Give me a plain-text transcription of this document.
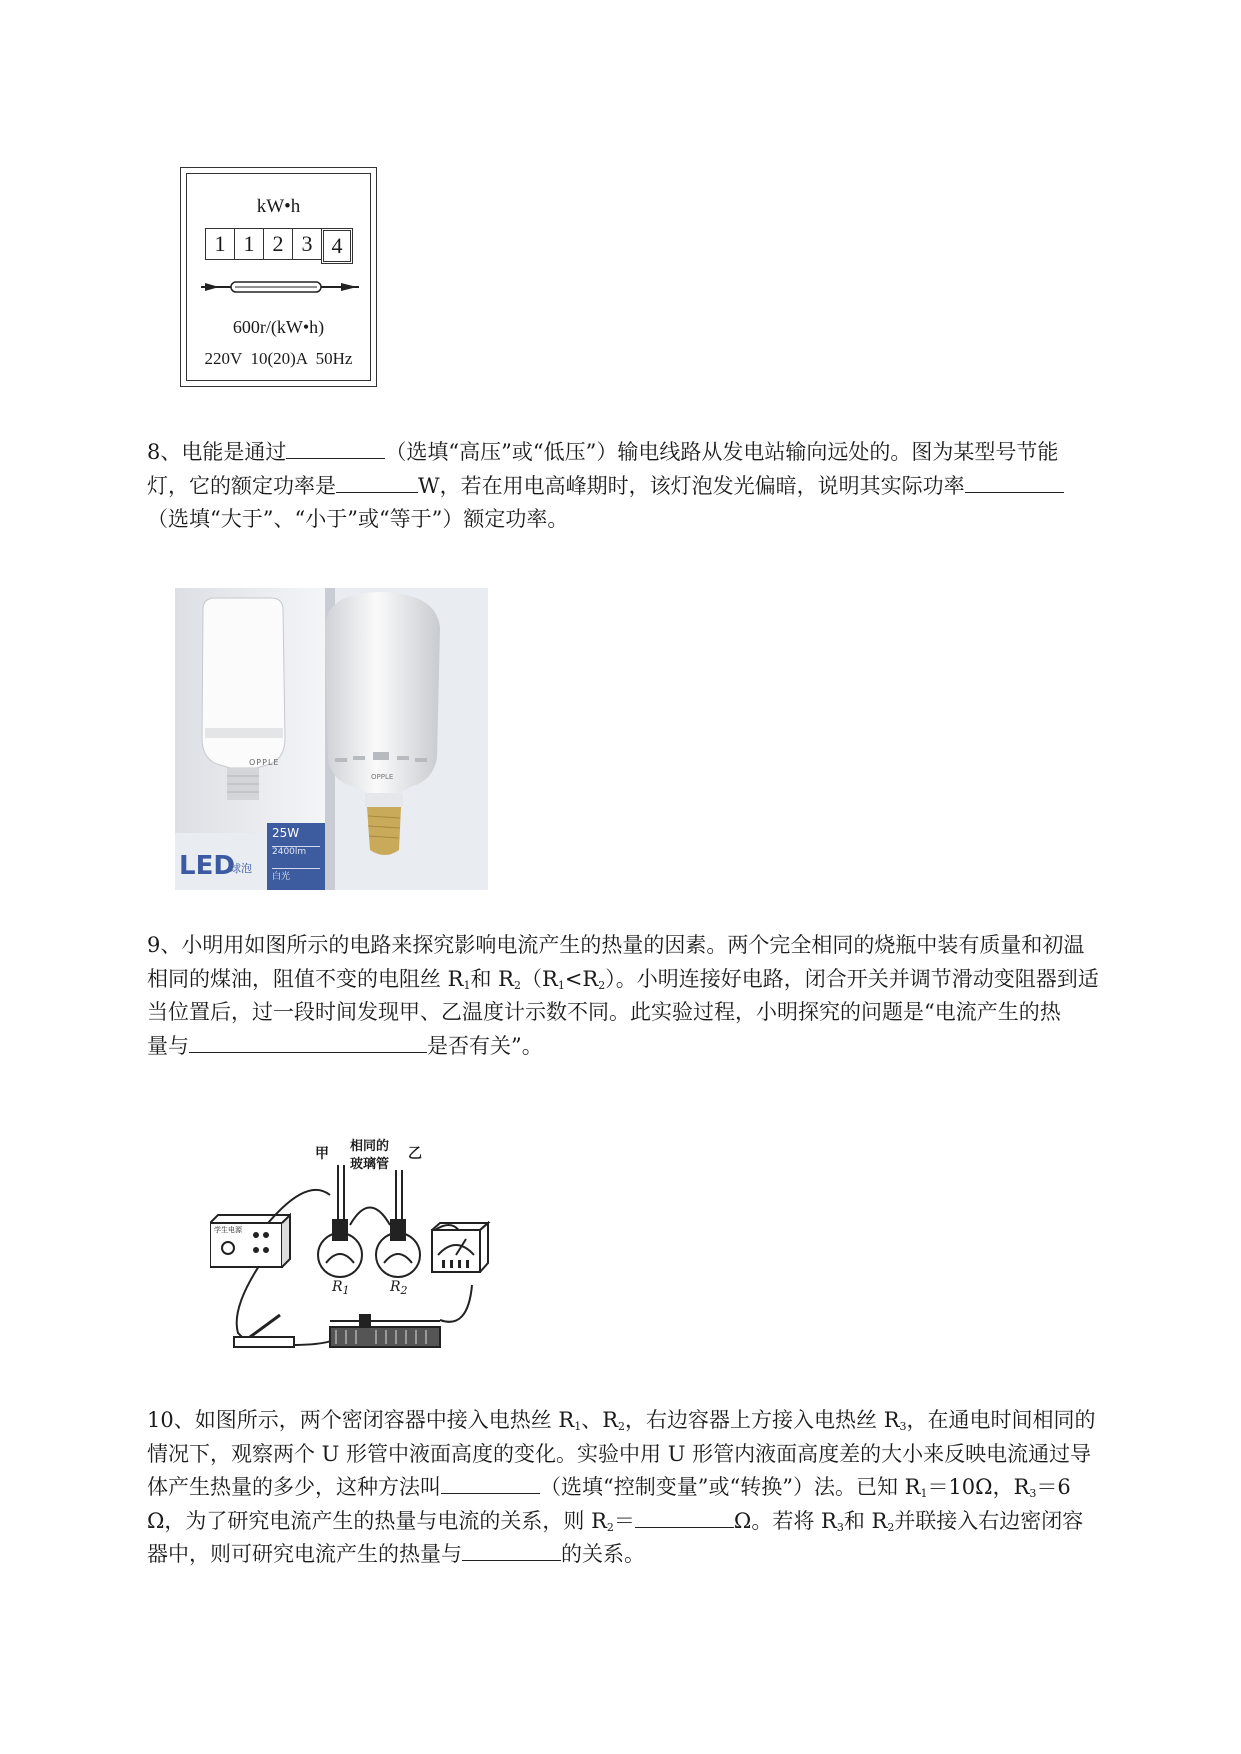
kW•h
1 1 2 3 4
600r/(kW•h)
220V  10(20)A  50Hz
8、电能是通过	（选填“高压”或“低压”）输电线路从发电站输向远处的。图为某型号节能
灯，它的额定功率是	W，若在用电高峰期时，该灯泡发光偏暗，说明其实际功率
（选填“大于”、“小于”或“等于”）额定功率。
OPPLE
OPPLE
LED
球泡
25W
2400lm
白光
9、小明用如图所示的电路来探究影响电流产生的热量的因素。两个完全相同的烧瓶中装有质量和初温
相同的煤油，阻值不变的电阻丝 $R_1$和 $R_2(R_1<R_2)$。小明连接好电路，闭合开关并调节滑动变阻器到适
当位置后，过一段时间发现甲、乙温度计示数不同。此实验过程，小明探究的问题是“电流产生的热
量与	是否有关”。
甲 相同的
玻璃管
乙
学生电源
$R_1$	$R_2$
10、如图所示，两个密闭容器中接入电热丝 $R_1$、$R_2$，右边容器上方接入电热丝 $R_3$，在通电时间相同的
情况下，观察两个 U 形管中液面高度的变化。实验中用 U 形管内液面高度差的大小来反映电流通过导
体产生热量的多少，这种方法叫	（选填“控制变量”或“转换”）法。已知 $R_1=10\Omega$，$R_3=6$
Ω，为了研究电流产生的热量与电流的关系，则 $R_2=$	Ω。若将 $R_3$和 $R_2$并联接入右边密闭容
器中，则可研究电流产生的热量与	的关系。
